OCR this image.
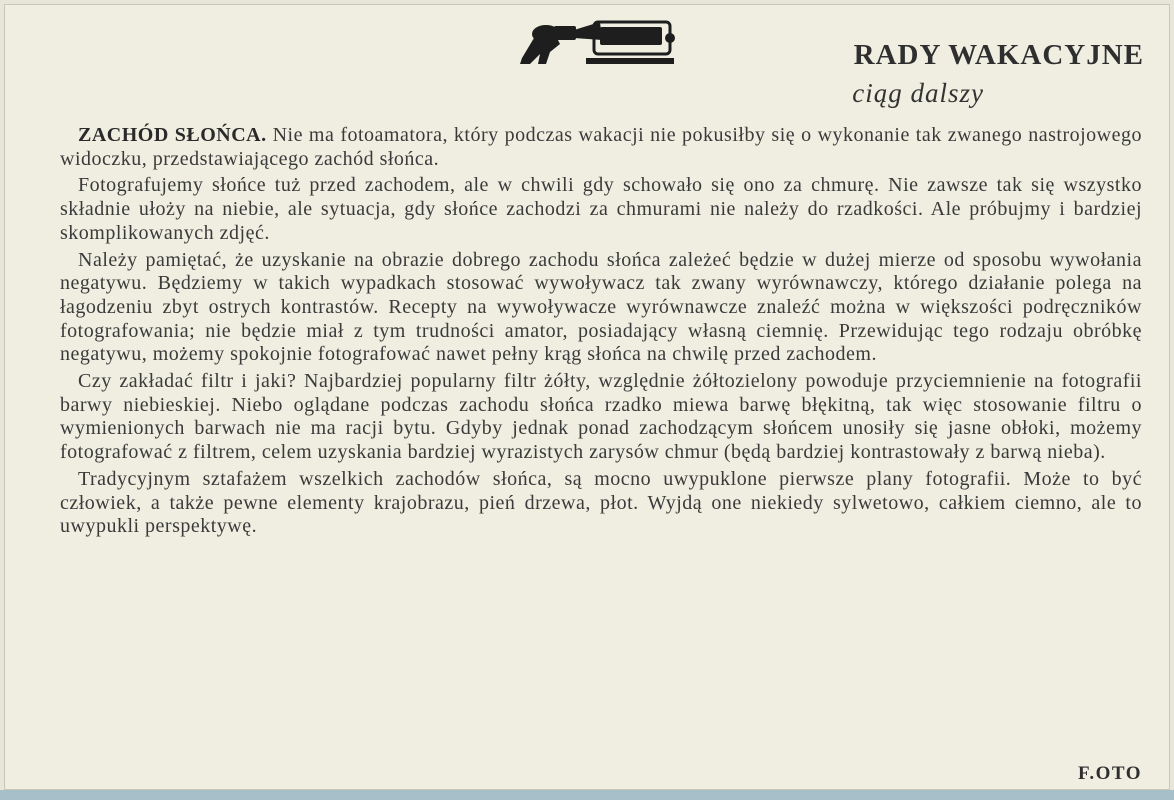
RADY WAKACYJNE
ciąg dalszy

ZACHÓD SŁOŃCA. Nie ma fotoamatora, który podczas wakacji nie pokusiłby się o wykonanie tak zwanego nastrojowego widoczku, przedstawiającego zachód słońca.

Fotografujemy słońce tuż przed zachodem, ale w chwili gdy schowało się ono za chmurę. Nie zawsze tak się wszystko składnie ułoży na niebie, ale sytuacja, gdy słońce zachodzi za chmurami nie należy do rzadkości. Ale próbujmy i bardziej skomplikowanych zdjęć.

Należy pamiętać, że uzyskanie na obrazie dobrego zachodu słońca zależeć będzie w dużej mierze od sposobu wywołania negatywu. Będziemy w takich wypadkach stosować wywoływacz tak zwany wyrównawczy, którego działanie polega na łagodzeniu zbyt ostrych kontrastów. Recepty na wywoływacze wyrównawcze znaleźć można w większości podręczników fotografowania; nie będzie miał z tym trudności amator, posiadający własną ciemnię. Przewidując tego rodzaju obróbkę negatywu, możemy spokojnie fotografować nawet pełny krąg słońca na chwilę przed zachodem.

Czy zakładać filtr i jaki? Najbardziej popularny filtr żółty, względnie żółtozielony powoduje przyciemnienie na fotografii barwy niebieskiej. Niebo oglądane podczas zachodu słońca rzadko miewa barwę błękitną, tak więc stosowanie filtru o wymienionych barwach nie ma racji bytu. Gdyby jednak ponad zachodzącym słońcem unosiły się jasne obłoki, możemy fotografować z filtrem, celem uzyskania bardziej wyrazistych zarysów chmur (będą bardziej kontrastowały z barwą nieba).

Tradycyjnym sztafażem wszelkich zachodów słońca, są mocno uwypuklone pierwsze plany fotografii. Może to być człowiek, a także pewne elementy krajobrazu, pień drzewa, płot. Wyjdą one niekiedy sylwetowo, całkiem ciemno, ale to uwypukli perspektywę.

F.OTO
